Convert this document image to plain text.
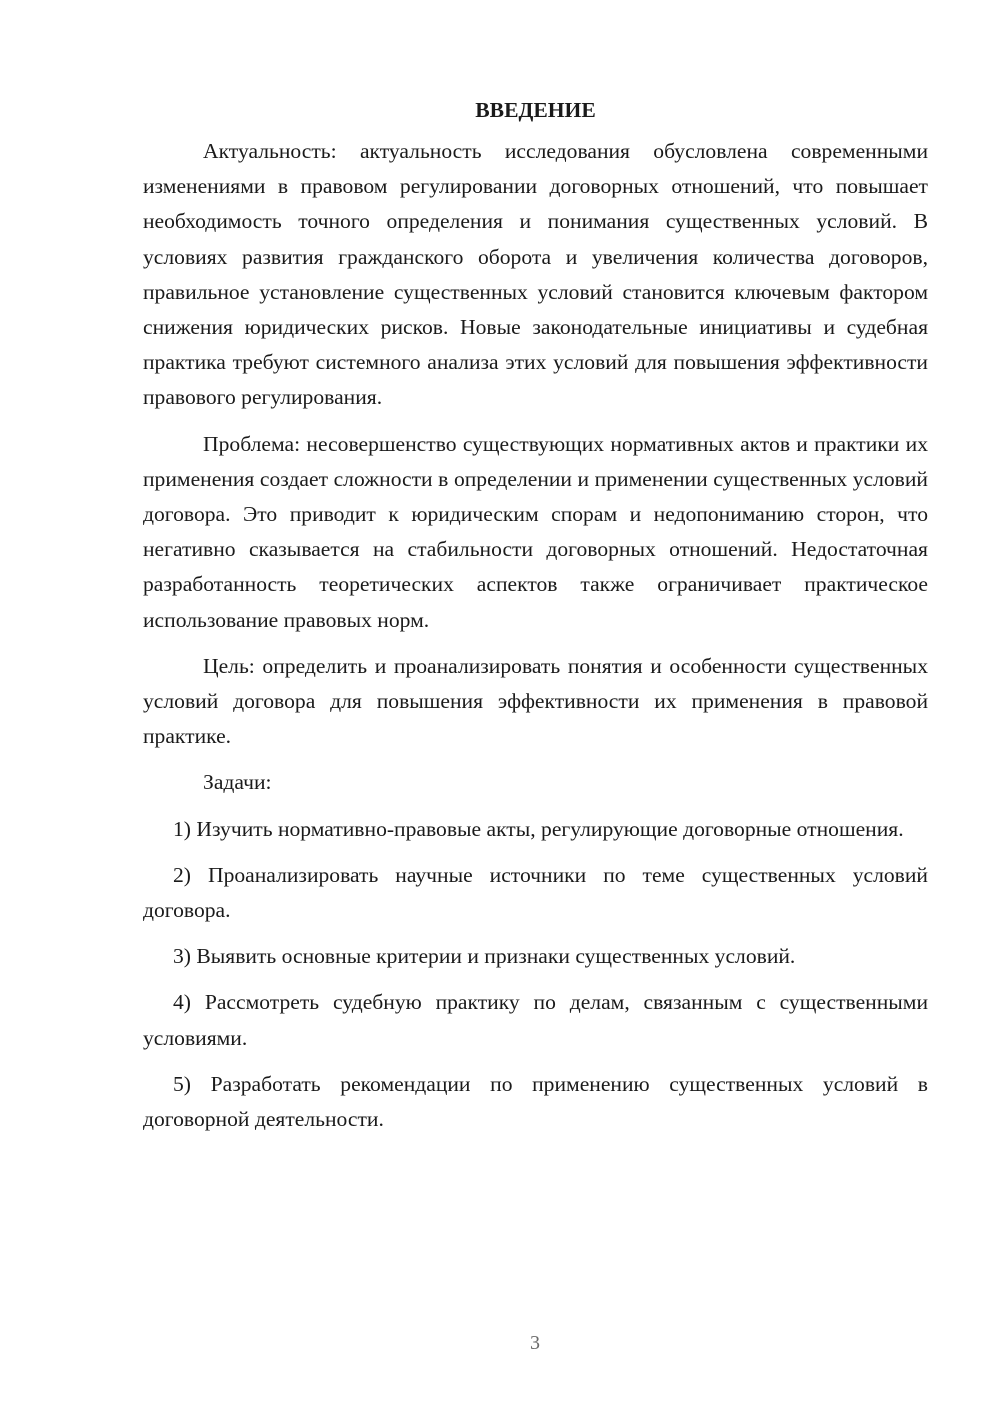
ВВЕДЕНИЕ

Актуальность: актуальность исследования обусловлена современными изменениями в правовом регулировании договорных отношений, что повышает необходимость точного определения и понимания существенных условий. В условиях развития гражданского оборота и увеличения количества договоров, правильное установление существенных условий становится ключевым фактором снижения юридических рисков. Новые законодательные инициативы и судебная практика требуют системного анализа этих условий для повышения эффективности правового регулирования.

Проблема: несовершенство существующих нормативных актов и практики их применения создает сложности в определении и применении существенных условий договора. Это приводит к юридическим спорам и недопониманию сторон, что негативно сказывается на стабильности договорных отношений. Недостаточная разработанность теоретических аспектов также ограничивает практическое использование правовых норм.

Цель: определить и проанализировать понятия и особенности существенных условий договора для повышения эффективности их применения в правовой практике.

Задачи:

1) Изучить нормативно-правовые акты, регулирующие договорные отношения.

2) Проанализировать научные источники по теме существенных условий договора.

3) Выявить основные критерии и признаки существенных условий.

4) Рассмотреть судебную практику по делам, связанным с существенными условиями.

5) Разработать рекомендации по применению существенных условий в договорной деятельности.

3
